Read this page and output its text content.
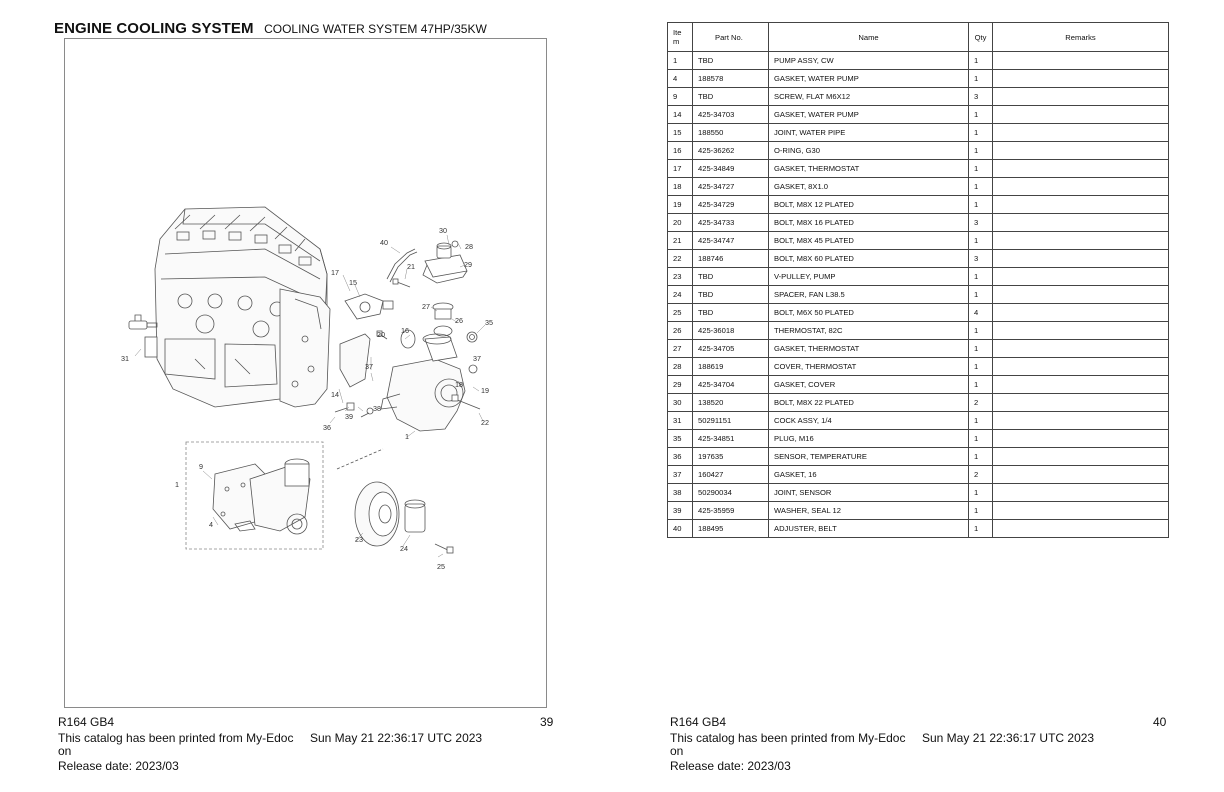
ENGINE COOLING SYSTEM COOLING WATER SYSTEM 47HP/35KW
30
28
40
21	29
17
15
27
26	35
16
20
37
31
18
19
37
14
39
38
36
1
22
9
1
4
23
24
25
R164 GB4	39
This catalog has been printed from My-Edoc on
Sun May 21 22:36:17 UTC 2023
Release date: 2023/03
Ite m	Part No.	Name	Qty	Remarks
1	TBD	PUMP ASSY, CW	1	
4	188578	GASKET, WATER PUMP	1	
9	TBD	SCREW, FLAT M6X12	3	
14	425-34703	GASKET, WATER PUMP	1	
15	188550	JOINT, WATER PIPE	1	
16	425-36262	O-RING, G30	1	
17	425-34849	GASKET, THERMOSTAT	1	
18	425-34727	GASKET, 8X1.0	1	
19	425-34729	BOLT, M8X 12 PLATED	1	
20	425-34733	BOLT, M8X 16 PLATED	3	
21	425-34747	BOLT, M8X 45 PLATED	1	
22	188746	BOLT, M8X 60 PLATED	3	
23	TBD	V-PULLEY, PUMP	1	
24	TBD	SPACER, FAN L38.5	1	
25	TBD	BOLT, M6X 50 PLATED	4	
26	425-36018	THERMOSTAT, 82C	1	
27	425-34705	GASKET, THERMOSTAT	1	
28	188619	COVER, THERMOSTAT	1	
29	425-34704	GASKET, COVER	1	
30	138520	BOLT, M8X 22 PLATED	2	
31	50291151	COCK ASSY, 1/4	1	
35	425-34851	PLUG, M16	1	
36	197635	SENSOR, TEMPERATURE	1	
37	160427	GASKET, 16	2	
38	50290034	JOINT, SENSOR	1	
39	425-35959	WASHER, SEAL 12	1	
40	188495	ADJUSTER, BELT	1	
R164 GB4	40
This catalog has been printed from My-Edoc on
Sun May 21 22:36:17 UTC 2023
Release date: 2023/03
